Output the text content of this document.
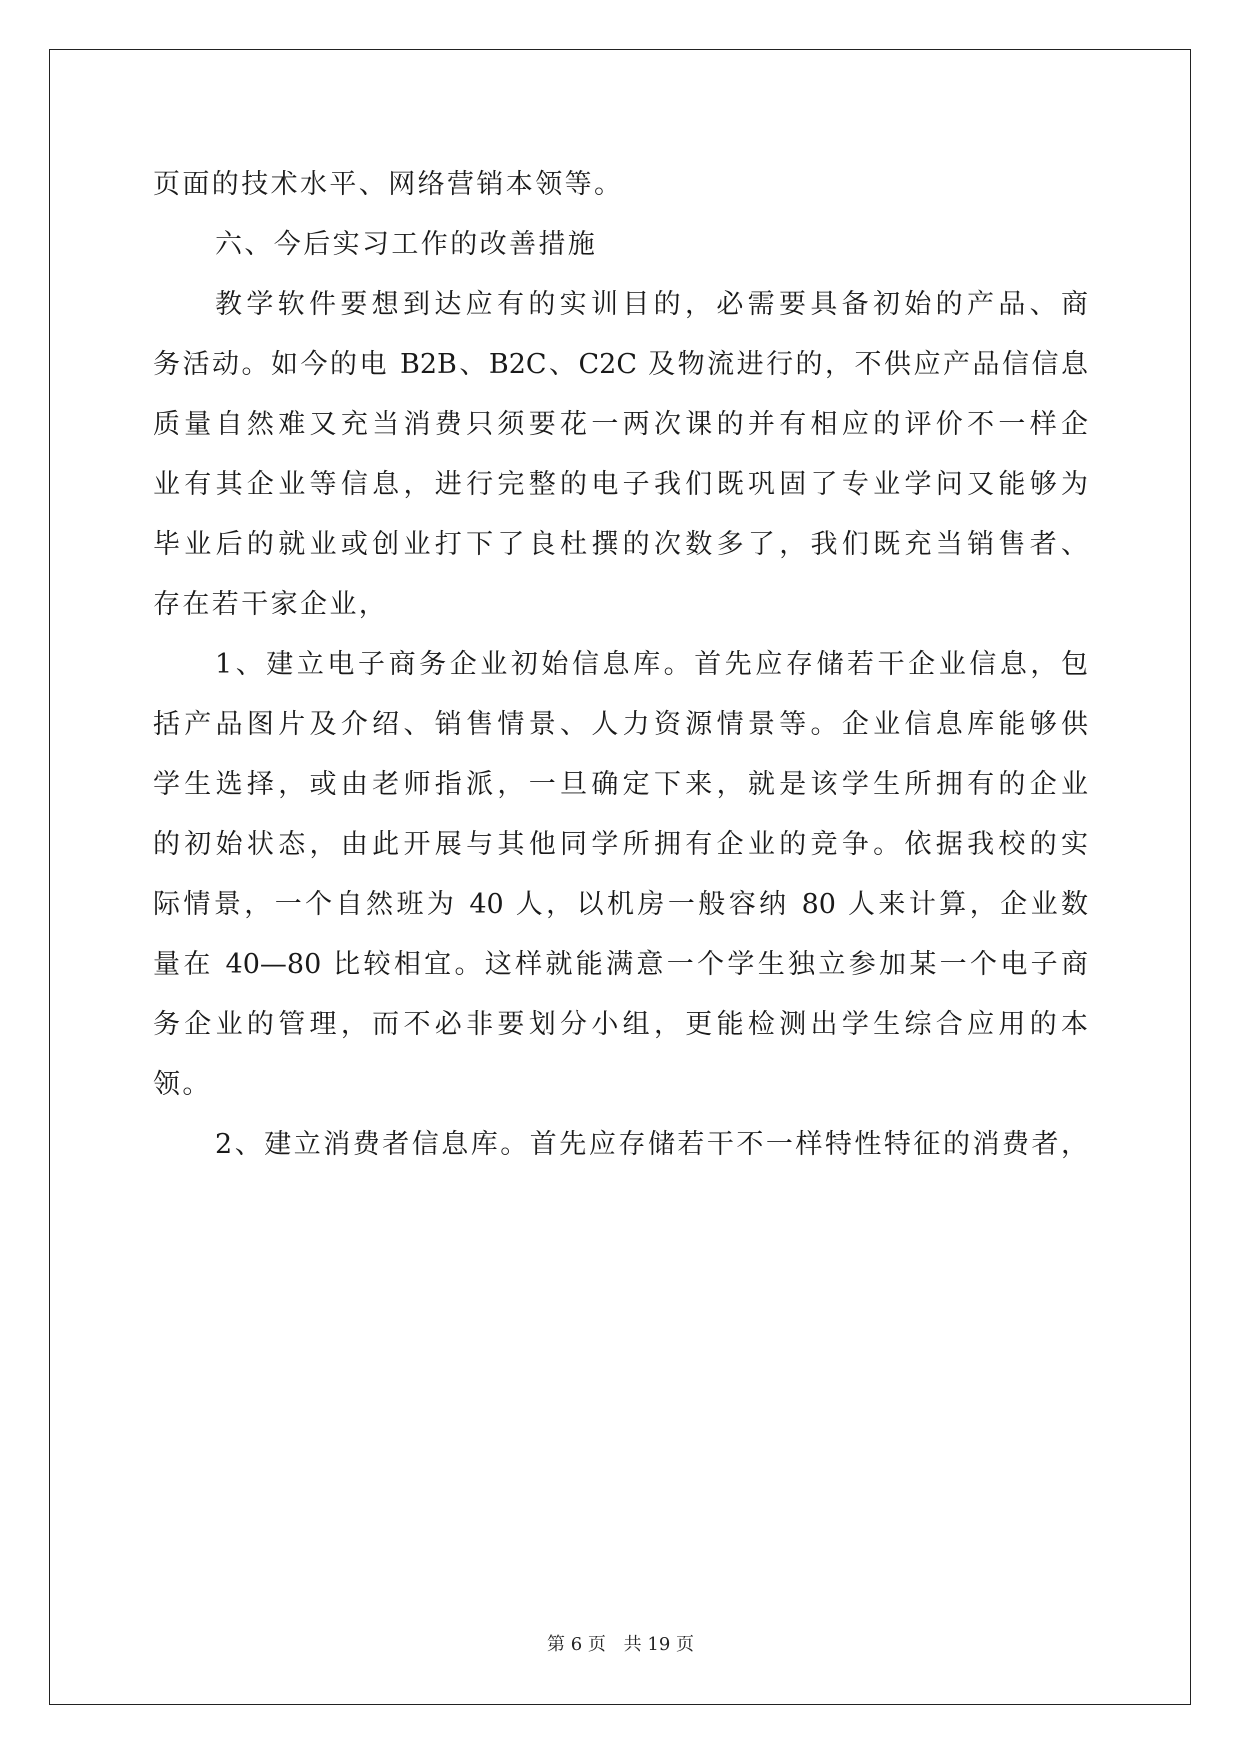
页面的技术水平、网络营销本领等。
六、今后实习工作的改善措施
教学软件要想到达应有的实训目的，必需要具备初始的产品、商
务活动。如今的电 B2B、B2C、C2C 及物流进行的，不供应产品信信息
质量自然难又充当消费只须要花一两次课的并有相应的评价不一样企
业有其企业等信息，进行完整的电子我们既巩固了专业学问又能够为
毕业后的就业或创业打下了良杜撰的次数多了，我们既充当销售者、
存在若干家企业，
1、建立电子商务企业初始信息库。首先应存储若干企业信息，包
括产品图片及介绍、销售情景、人力资源情景等。企业信息库能够供
学生选择，或由老师指派，一旦确定下来，就是该学生所拥有的企业
的初始状态，由此开展与其他同学所拥有企业的竞争。依据我校的实
际情景，一个自然班为 40 人，以机房一般容纳 80 人来计算，企业数
量在 40—80 比较相宜。这样就能满意一个学生独立参加某一个电子商
务企业的管理，而不必非要划分小组，更能检测出学生综合应用的本
领。
2、建立消费者信息库。首先应存储若干不一样特性特征的消费者，
第 6 页 共 19 页
